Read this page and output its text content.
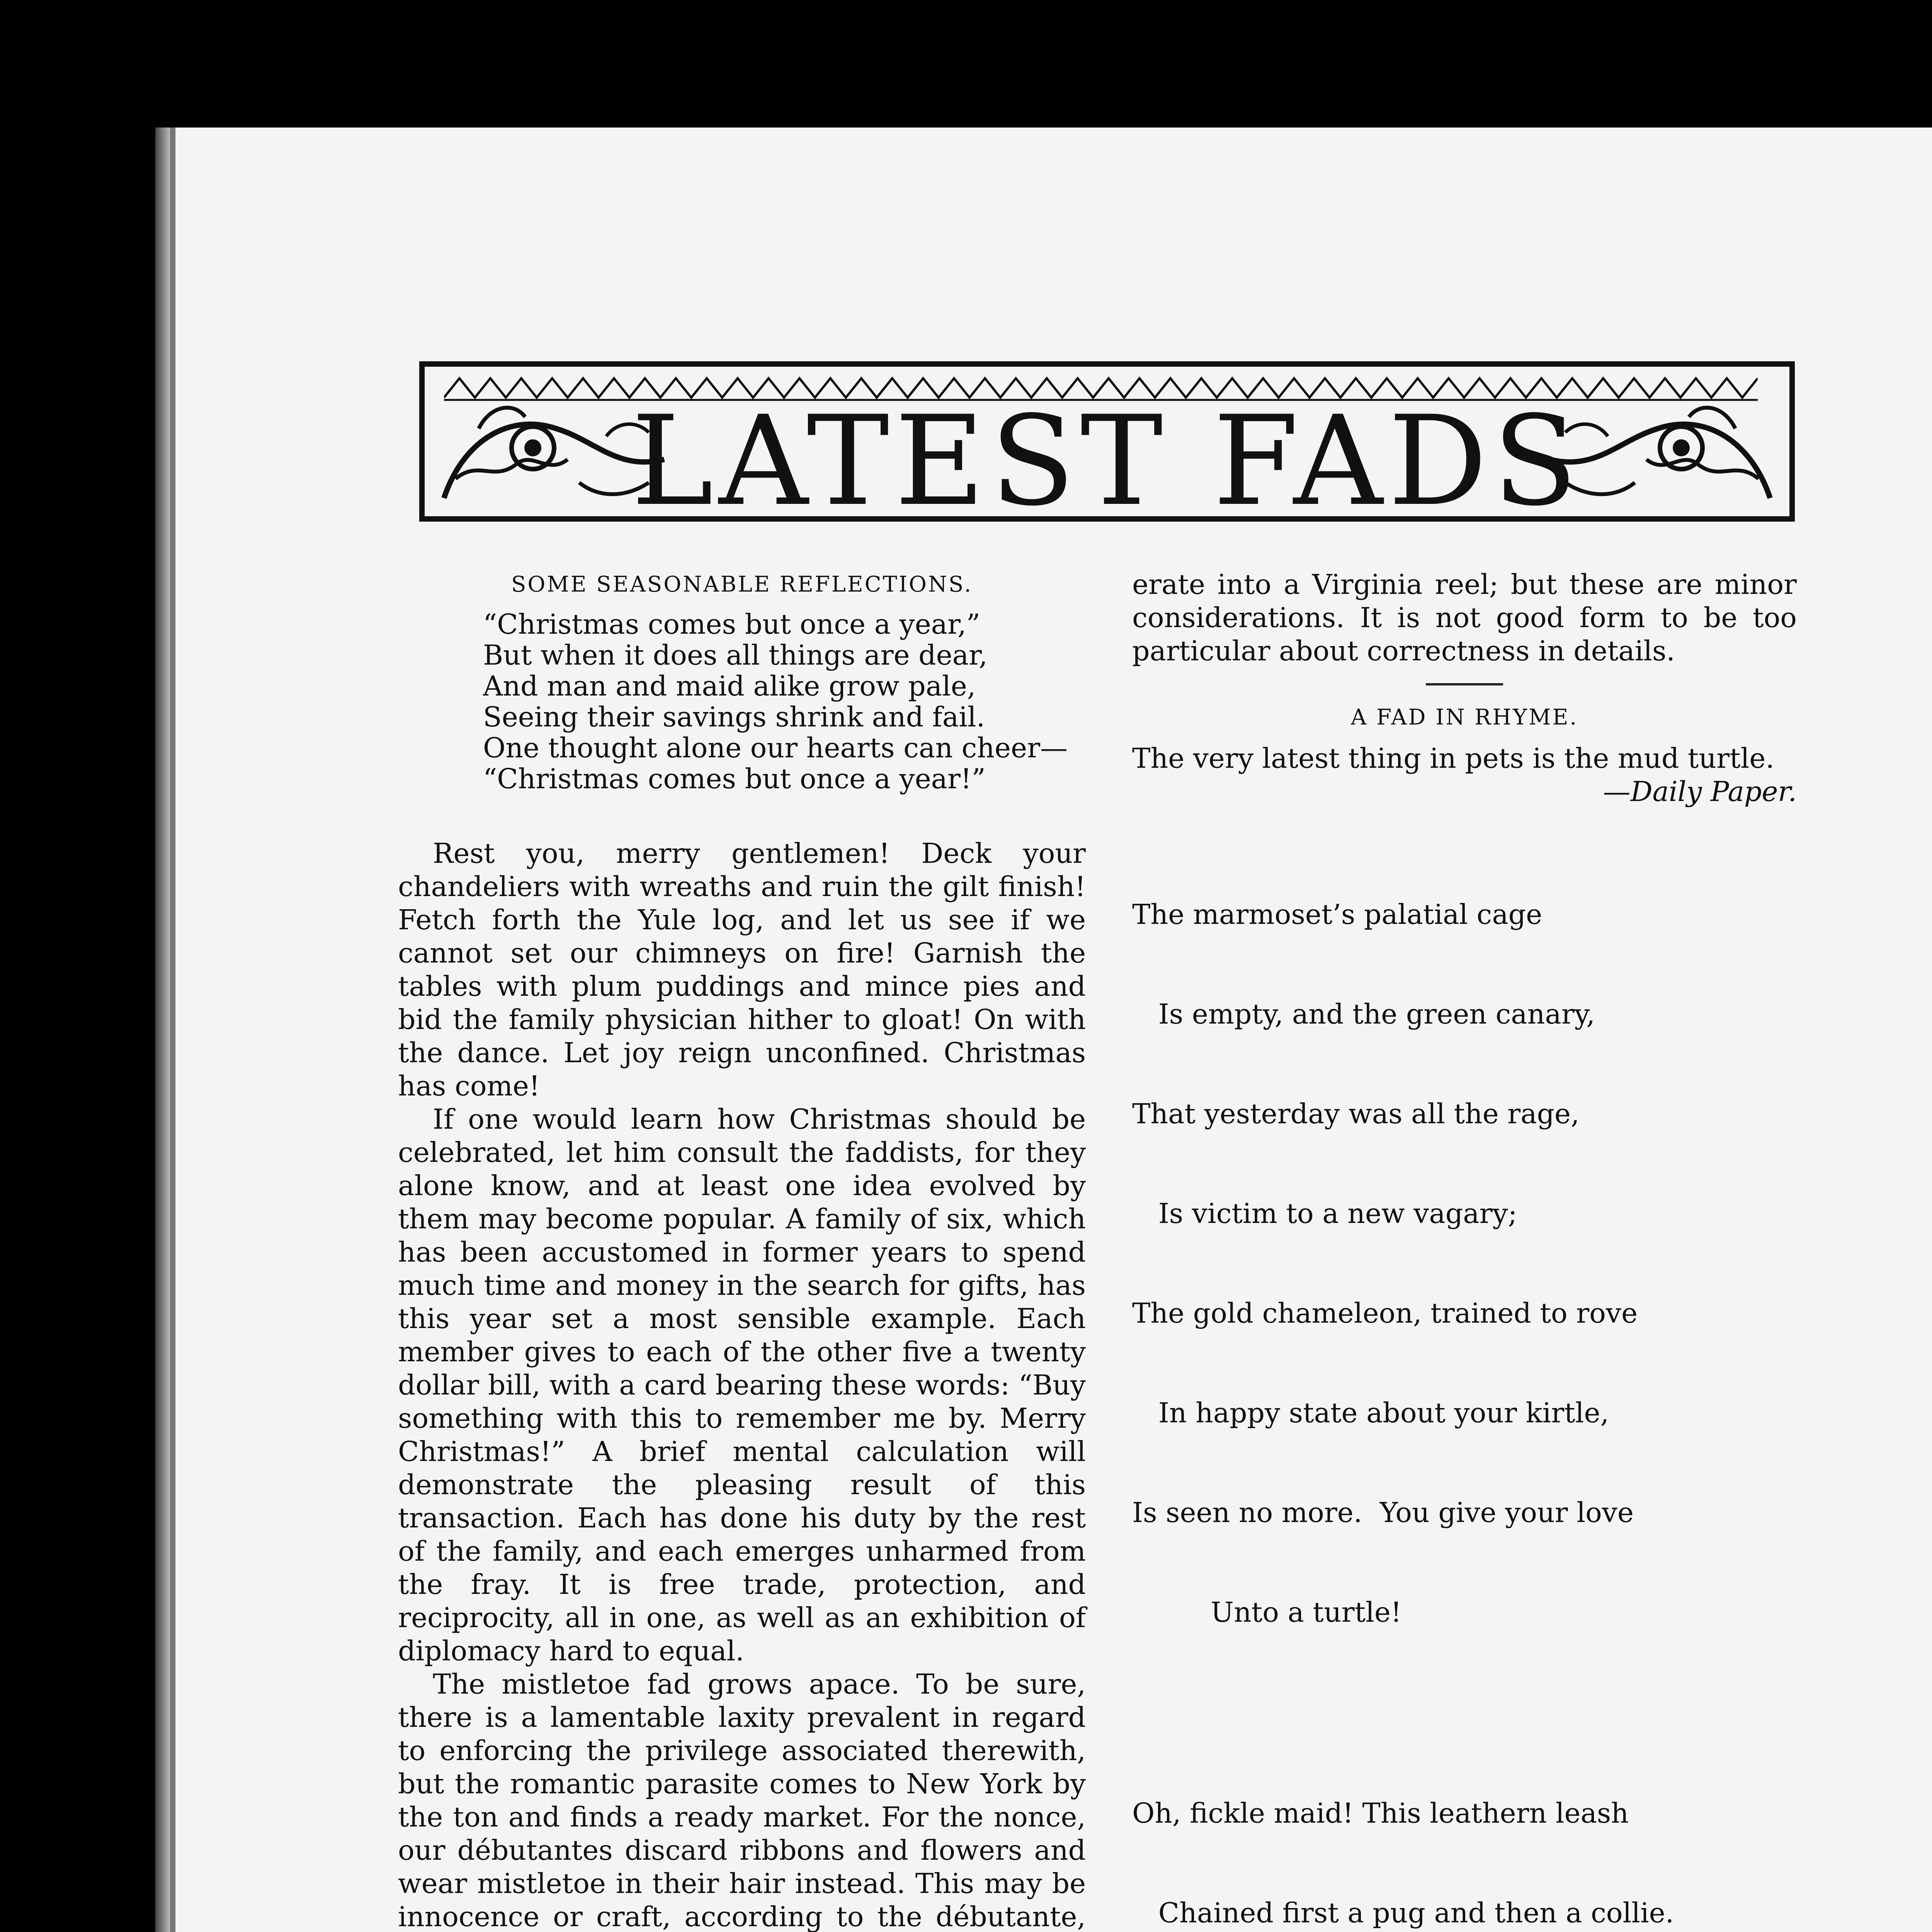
LATEST FADS
SOME SEASONABLE REFLECTIONS.
“Christmas comes but once a year,”
But when it does all things are dear,
And man and maid alike grow pale,
Seeing their savings shrink and fail.
One thought alone our hearts can cheer—
“Christmas comes but once a year!”

Rest you, merry gentlemen! Deck your chandeliers with wreaths and ruin the gilt finish! Fetch forth the Yule log, and let us see if we cannot set our chimneys on fire! Garnish the tables with plum puddings and mince pies and bid the family physician hither to gloat! On with the dance. Let joy reign unconfined. Christmas has come!

If one would learn how Christmas should be celebrated, let him consult the faddists, for they alone know, and at least one idea evolved by them may become popular. A family of six, which has been accustomed in former years to spend much time and money in the search for gifts, has this year set a most sensible example. Each member gives to each of the other five a twenty dollar bill, with a card bearing these words: “Buy something with this to remember me by. Merry Christmas!” A brief mental calculation will demonstrate the pleasing result of this transaction. Each has done his duty by the rest of the family, and each emerges unharmed from the fray. It is free trade, protection, and reciprocity, all in one, as well as an exhibition of diplomacy hard to equal.

The mistletoe fad grows apace. To be sure, there is a lamentable laxity prevalent in regard to enforcing the privilege associated therewith, but the romantic parasite comes to New York by the ton and finds a ready market. For the nonce, our débutantes discard ribbons and flowers and wear mistletoe in their hair instead. This may be innocence or craft, according to the débutante,

erate into a Virginia reel; but these are minor considerations. It is not good form to be too particular about correctness in details.

A FAD IN RHYME.
The very latest thing in pets is the mud turtle.
—Daily Paper.

The marmoset’s palatial cage

Is empty, and the green canary,

That yesterday was all the rage,

Is victim to a new vagary;

The gold chameleon, trained to rove

In happy state about your kirtle,

Is seen no more.  You give your love

Unto a turtle!

Oh, fickle maid! This leathern leash

Chained first a pug and then a collie.
